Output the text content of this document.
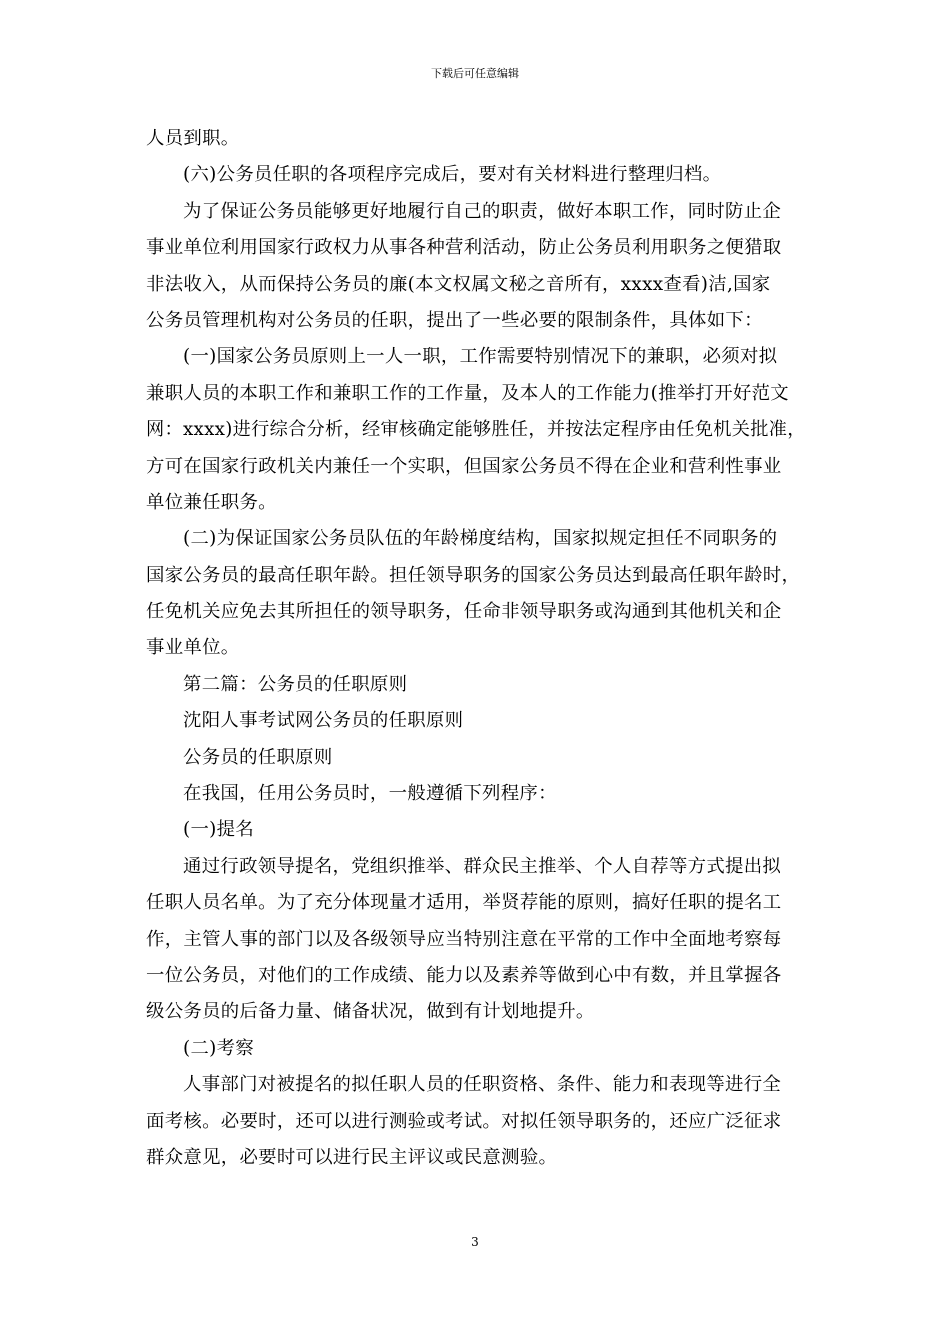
下载后可任意编辑
人员到职。
(六)公务员任职的各项程序完成后，要对有关材料进行整理归档。
为了保证公务员能够更好地履行自己的职责，做好本职工作，同时防止企
事业单位利用国家行政权力从事各种营利活动，防止公务员利用职务之便猎取
非法收入，从而保持公务员的廉(本文权属文秘之音所有，xxxx查看)洁,国家
公务员管理机构对公务员的任职，提出了一些必要的限制条件，具体如下：
(一)国家公务员原则上一人一职，工作需要特别情况下的兼职，必须对拟
兼职人员的本职工作和兼职工作的工作量，及本人的工作能力(推举打开好范文
网：xxxx)进行综合分析，经审核确定能够胜任，并按法定程序由任免机关批准，
方可在国家行政机关内兼任一个实职，但国家公务员不得在企业和营利性事业
单位兼任职务。
(二)为保证国家公务员队伍的年龄梯度结构，国家拟规定担任不同职务的
国家公务员的最高任职年龄。担任领导职务的国家公务员达到最高任职年龄时，
任免机关应免去其所担任的领导职务，任命非领导职务或沟通到其他机关和企
事业单位。
第二篇：公务员的任职原则
沈阳人事考试网公务员的任职原则
公务员的任职原则
在我国，任用公务员时，一般遵循下列程序：
(一)提名
通过行政领导提名，党组织推举、群众民主推举、个人自荐等方式提出拟
任职人员名单。为了充分体现量才适用，举贤荐能的原则，搞好任职的提名工
作，主管人事的部门以及各级领导应当特别注意在平常的工作中全面地考察每
一位公务员，对他们的工作成绩、能力以及素养等做到心中有数，并且掌握各
级公务员的后备力量、储备状况，做到有计划地提升。
(二)考察
人事部门对被提名的拟任职人员的任职资格、条件、能力和表现等进行全
面考核。必要时，还可以进行测验或考试。对拟任领导职务的，还应广泛征求
群众意见，必要时可以进行民主评议或民意测验。
3
